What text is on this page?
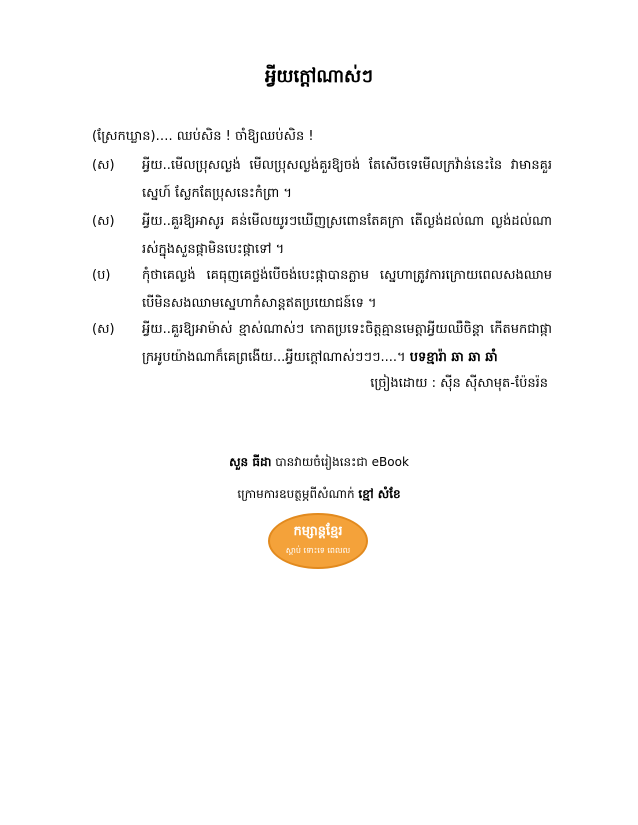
អ្វីយក្តៅណាស់ៗ
(ស្រែកឃ្លាន)…. ឈប់សិន ! ចាំឱ្យឈប់សិន !
(ស)	អ្វីយ..មើលប្រុសល្ងង់ មើលប្រុសល្ងង់គួរឱ្យចង់ តែសើចទេមើលក្រវ៉ាន់នេះនៃ វាមានគួរស្នេហ៍ ស្លែកតែប្រុសនេះកំព្រា ។
(ស)	អ្វីយ..គួរឱ្យអាសូរ គន់មើលយូរៗឃើញស្រពោនតែគក្រា តើល្ងង់ដល់ណា ល្ងង់ដល់ណា រស់ក្នុងសួនផ្កាមិនបេះផ្កាទៅ ។
(ប)	កុំថាគេល្ងង់ គេធុញគេថ្លង់បើចង់បេះផ្កាបានភ្លាម ស្នេហាត្រូវការក្រោយពេលសងឈាម បើមិនសងឈាមស្នេហាកំសាន្តឥតប្រយោជន៍ទេ ។
(ស)	អ្វីយ..គួរឱ្យអាម៉ាស់ ខ្មាស់ណាស់ៗ កោតប្រទេះចិត្តគ្មានមេត្តាអ្វីយឈឺចិន្តា កើតមកជាផ្កា ក្រអូបយ៉ាងណាក៏គេព្រងើយ...អ្វីយក្តៅណាស់ៗៗៗ....។ បទខ្មារ៉ា ឆា ឆា ឆាំ
ច្រៀងដោយ : ស៊ីន ស៊ីសាមុត-ប៉ែនរ៉ន
សួន ធីដា បានវាយចំរៀងនេះជា eBook
ក្រោមការឧបត្ថម្ភពីសំណាក់ ខ្មៅ សំខែ
កម្សាន្តខ្មែរ
ស្ដាប់ ទោះទេ ពេលល
